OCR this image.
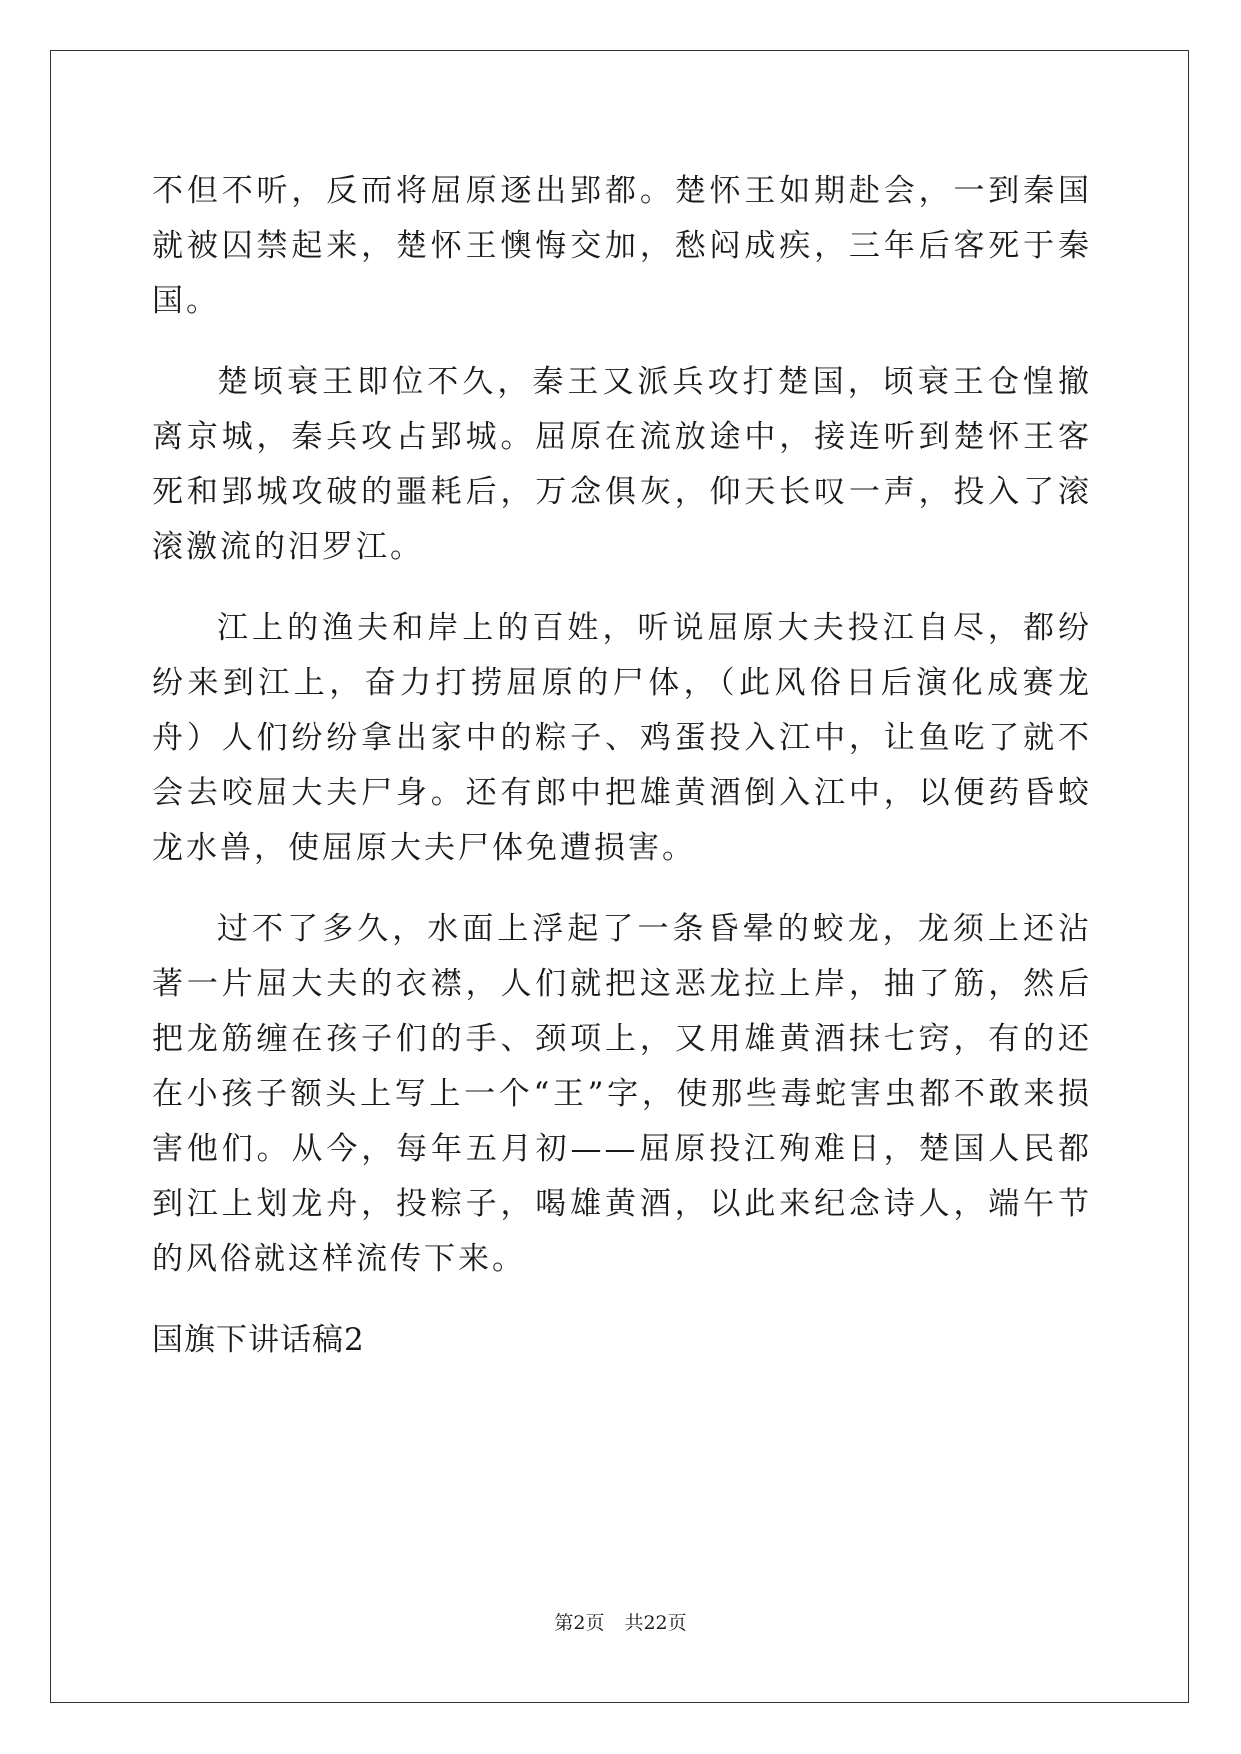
不但不听，反而将屈原逐出郢都。楚怀王如期赴会，一到秦国就被囚禁起来，楚怀王懊悔交加，愁闷成疾，三年后客死于秦国。

楚顷衰王即位不久，秦王又派兵攻打楚国，顷衰王仓惶撤离京城，秦兵攻占郢城。屈原在流放途中，接连听到楚怀王客死和郢城攻破的噩耗后，万念俱灰，仰天长叹一声，投入了滚滚激流的汨罗江。

江上的渔夫和岸上的百姓，听说屈原大夫投江自尽，都纷纷来到江上，奋力打捞屈原的尸体，（此风俗日后演化成赛龙舟）人们纷纷拿出家中的粽子、鸡蛋投入江中，让鱼吃了就不会去咬屈大夫尸身。还有郎中把雄黄酒倒入江中，以便药昏蛟龙水兽，使屈原大夫尸体免遭损害。

过不了多久，水面上浮起了一条昏晕的蛟龙，龙须上还沾著一片屈大夫的衣襟，人们就把这恶龙拉上岸，抽了筋，然后把龙筋缠在孩子们的手、颈项上，又用雄黄酒抹七窍，有的还在小孩子额头上写上一个“王”字，使那些毒蛇害虫都不敢来损害他们。从今，每年五月初——屈原投江殉难日，楚国人民都到江上划龙舟，投粽子，喝雄黄酒，以此来纪念诗人，端午节的风俗就这样流传下来。

国旗下讲话稿2

第2页 共22页
